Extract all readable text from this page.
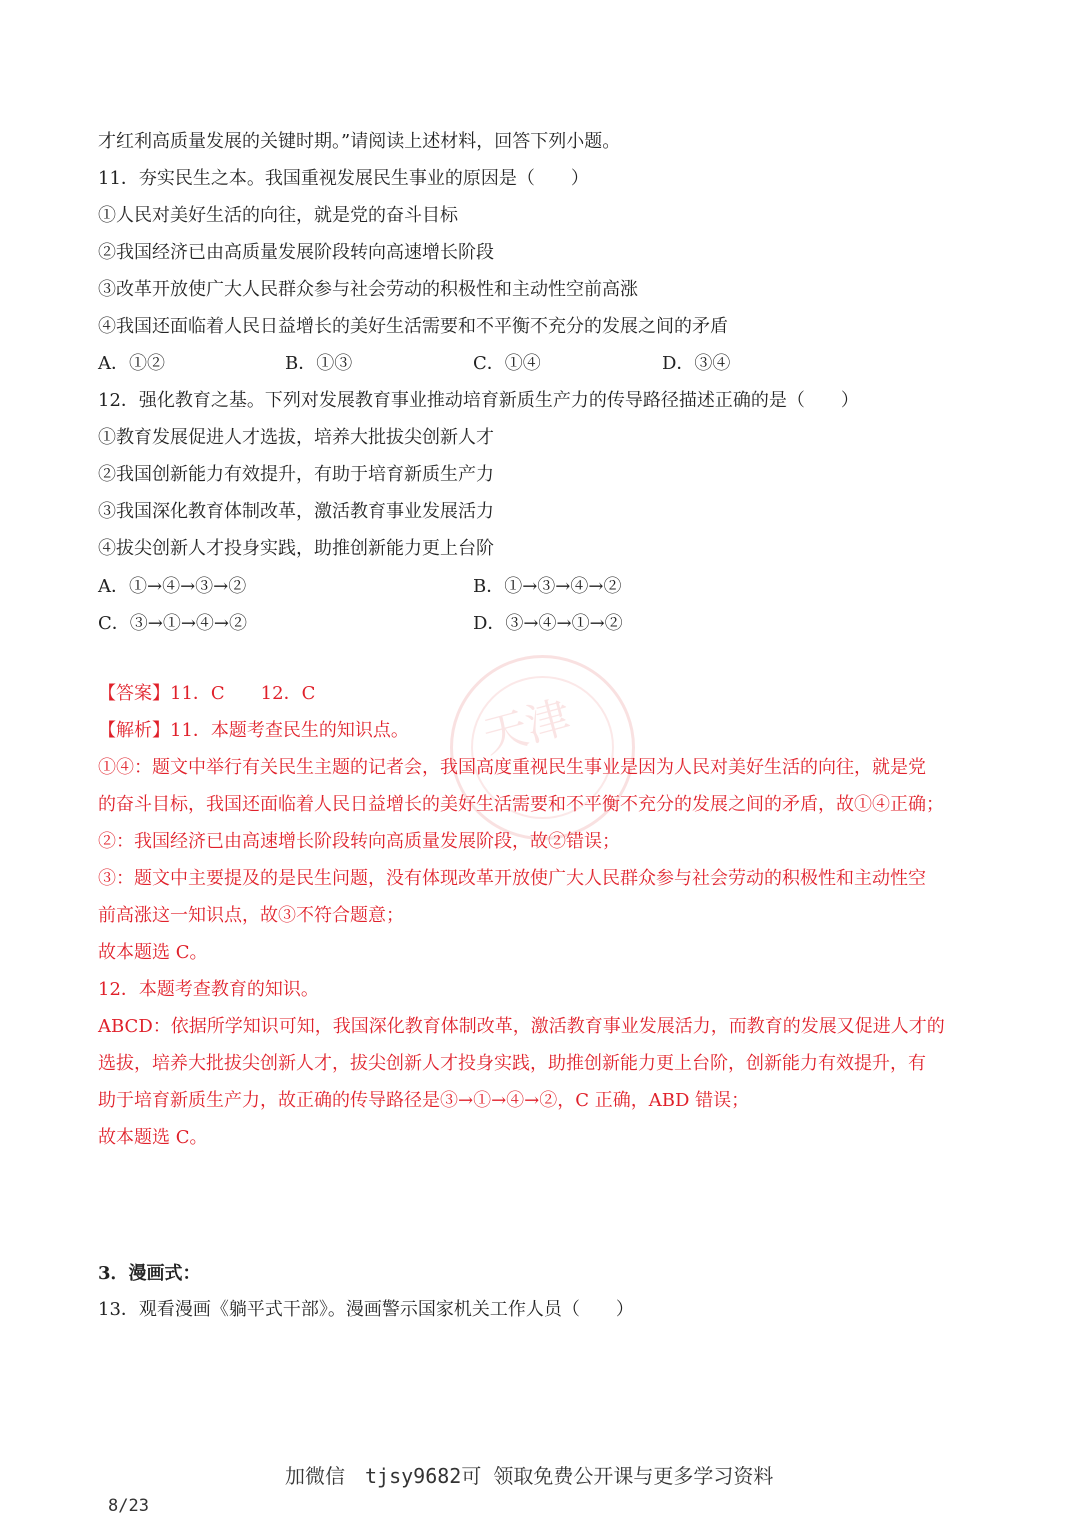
天津
才红利高质量发展的关键时期。”请阅读上述材料，回答下列小题。
11．夯实民生之本。我国重视发展民生事业的原因是（　　）
①人民对美好生活的向往，就是党的奋斗目标
②我国经济已由高质量发展阶段转向高速增长阶段
③改革开放使广大人民群众参与社会劳动的积极性和主动性空前高涨
④我国还面临着人民日益增长的美好生活需要和不平衡不充分的发展之间的矛盾
A．①②	B．①③	C．①④	D．③④
12．强化教育之基。下列对发展教育事业推动培育新质生产力的传导路径描述正确的是（　　）
①教育发展促进人才选拔，培养大批拔尖创新人才
②我国创新能力有效提升，有助于培育新质生产力
③我国深化教育体制改革，激活教育事业发展活力
④拔尖创新人才投身实践，助推创新能力更上台阶
A．①→④→③→②	B．①→③→④→②
C．③→①→④→②	D．③→④→①→②
【答案】11．C　　12．C
【解析】11．本题考查民生的知识点。
①④：题文中举行有关民生主题的记者会，我国高度重视民生事业是因为人民对美好生活的向往，就是党
的奋斗目标，我国还面临着人民日益增长的美好生活需要和不平衡不充分的发展之间的矛盾，故①④正确；
②：我国经济已由高速增长阶段转向高质量发展阶段，故②错误；
③：题文中主要提及的是民生问题，没有体现改革开放使广大人民群众参与社会劳动的积极性和主动性空
前高涨这一知识点，故③不符合题意；
故本题选 C。
12．本题考查教育的知识。
ABCD：依据所学知识可知，我国深化教育体制改革，激活教育事业发展活力，而教育的发展又促进人才的
选拔，培养大批拔尖创新人才，拔尖创新人才投身实践，助推创新能力更上台阶，创新能力有效提升，有
助于培育新质生产力，故正确的传导路径是③→①→④→②，C 正确，ABD 错误；
故本题选 C。
3．漫画式：
13．观看漫画《躺平式干部》。漫画警示国家机关工作人员（　　）
加微信　tjsy9682可 领取免费公开课与更多学习资料
8/23
